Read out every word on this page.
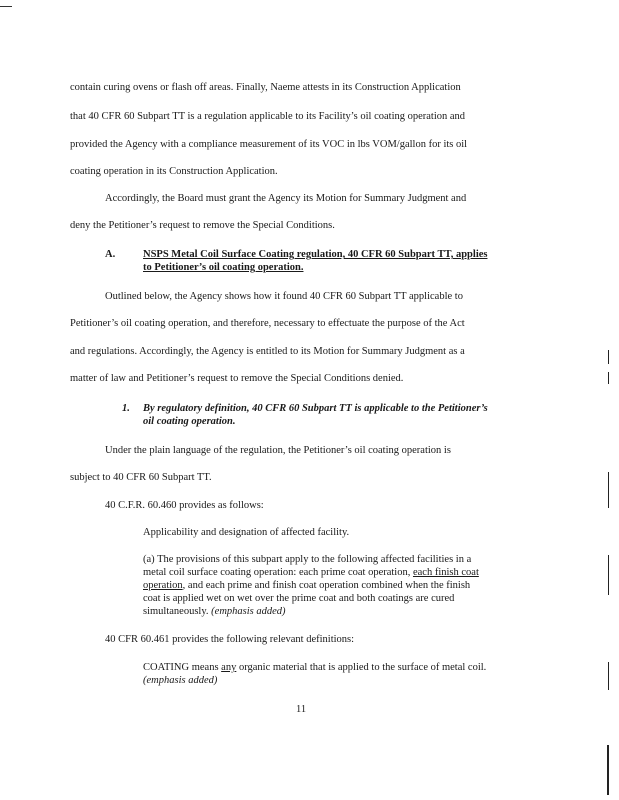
contain curing ovens or flash off areas. Finally, Naeme attests in its Construction Application
that 40 CFR 60 Subpart TT is a regulation applicable to its Facility’s oil coating operation and
provided the Agency with a compliance measurement of its VOC in lbs VOM/gallon for its oil
coating operation in its Construction Application.
Accordingly, the Board must grant the Agency its Motion for Summary Judgment and
deny the Petitioner’s request to remove the Special Conditions.
A.	NSPS Metal Coil Surface Coating regulation, 40 CFR 60 Subpart TT, applies
to Petitioner’s oil coating operation.
Outlined below, the Agency shows how it found 40 CFR 60 Subpart TT applicable to
Petitioner’s oil coating operation, and therefore, necessary to effectuate the purpose of the Act
and regulations. Accordingly, the Agency is entitled to its Motion for Summary Judgment as a
matter of law and Petitioner’s request to remove the Special Conditions denied.
1. By regulatory definition, 40 CFR 60 Subpart TT is applicable to the Petitioner’s
oil coating operation.
Under the plain language of the regulation, the Petitioner’s oil coating operation is
subject to 40 CFR 60 Subpart TT.
40 C.F.R. 60.460 provides as follows:
Applicability and designation of affected facility.
(a) The provisions of this subpart apply to the following affected facilities in a
metal coil surface coating operation: each prime coat operation, each finish coat
operation, and each prime and finish coat operation combined when the finish
coat is applied wet on wet over the prime coat and both coatings are cured
simultaneously. (emphasis added)
40 CFR 60.461 provides the following relevant definitions:
COATING means any organic material that is applied to the surface of metal coil.
(emphasis added)
11
